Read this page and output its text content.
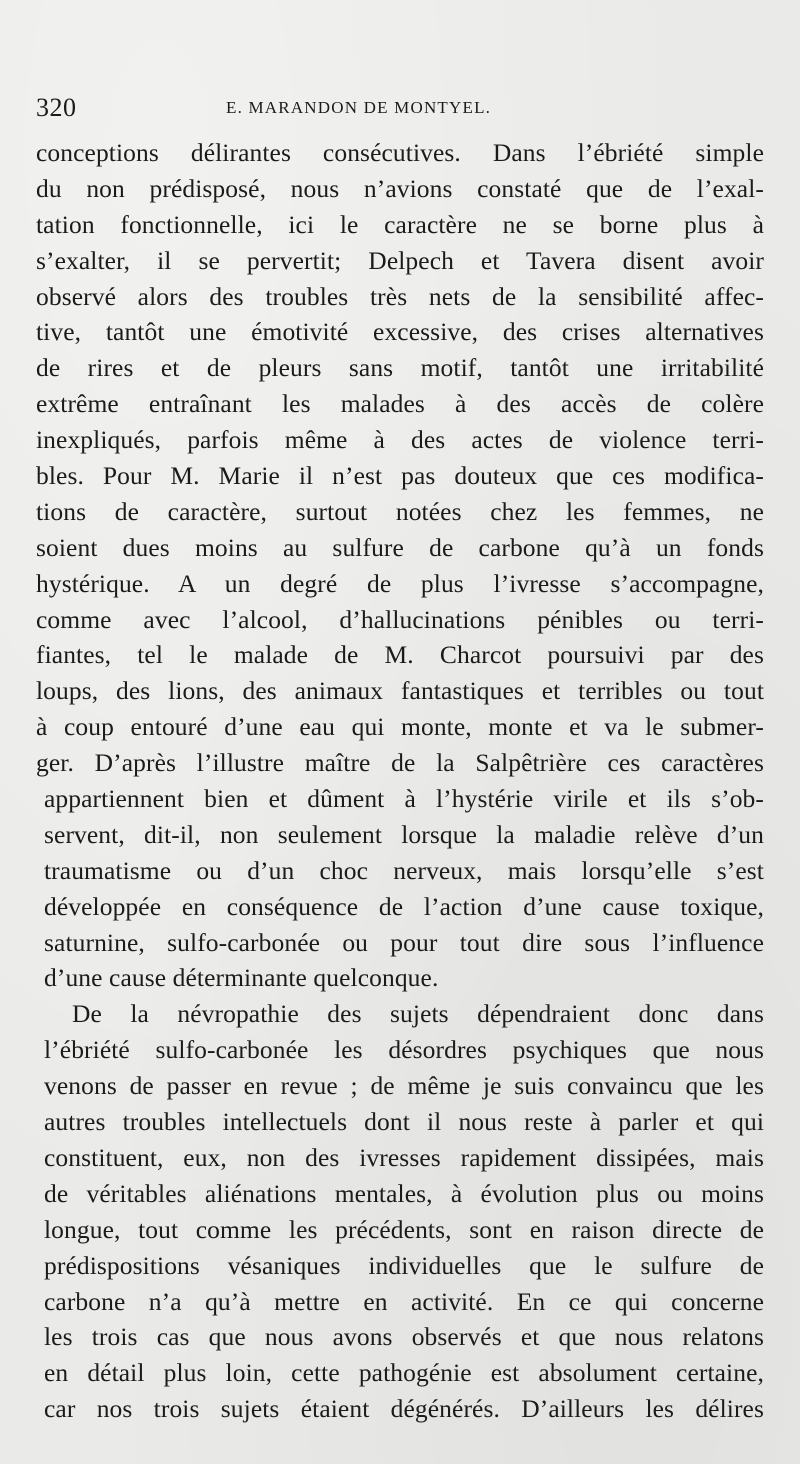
320	E. MARANDON DE MONTYEL.
conceptions délirantes consécutives. Dans l’ébriété simple
du non prédisposé, nous n’avions constaté que de l’exal-
tation fonctionnelle, ici le caractère ne se borne plus à
s’exalter, il se pervertit; Delpech et Tavera disent avoir
observé alors des troubles très nets de la sensibilité affec-
tive, tantôt une émotivité excessive, des crises alternatives
de rires et de pleurs sans motif, tantôt une irritabilité
extrême entraînant les malades à des accès de colère
inexpliqués, parfois même à des actes de violence terri-
bles. Pour M. Marie il n’est pas douteux que ces modifica-
tions de caractère, surtout notées chez les femmes, ne
soient dues moins au sulfure de carbone qu’à un fonds
hystérique. A un degré de plus l’ivresse s’accompagne,
comme avec l’alcool, d’hallucinations pénibles ou terri-
fiantes, tel le malade de M. Charcot poursuivi par des
loups, des lions, des animaux fantastiques et terribles ou tout
à coup entouré d’une eau qui monte, monte et va le submer-
ger. D’après l’illustre maître de la Salpêtrière ces caractères
appartiennent bien et dûment à l’hystérie virile et ils s’ob-
servent, dit-il, non seulement lorsque la maladie relève d’un
traumatisme ou d’un choc nerveux, mais lorsqu’elle s’est
développée en conséquence de l’action d’une cause toxique,
saturnine, sulfo-carbonée ou pour tout dire sous l’influence
d’une cause déterminante quelconque.
De la névropathie des sujets dépendraient donc dans
l’ébriété sulfo-carbonée les désordres psychiques que nous
venons de passer en revue ; de même je suis convaincu que les
autres troubles intellectuels dont il nous reste à parler et qui
constituent, eux, non des ivresses rapidement dissipées, mais
de véritables aliénations mentales, à évolution plus ou moins
longue, tout comme les précédents, sont en raison directe de
prédispositions vésaniques individuelles que le sulfure de
carbone n’a qu’à mettre en activité. En ce qui concerne
les trois cas que nous avons observés et que nous relatons
en détail plus loin, cette pathogénie est absolument certaine,
car nos trois sujets étaient dégénérés. D’ailleurs les délires
